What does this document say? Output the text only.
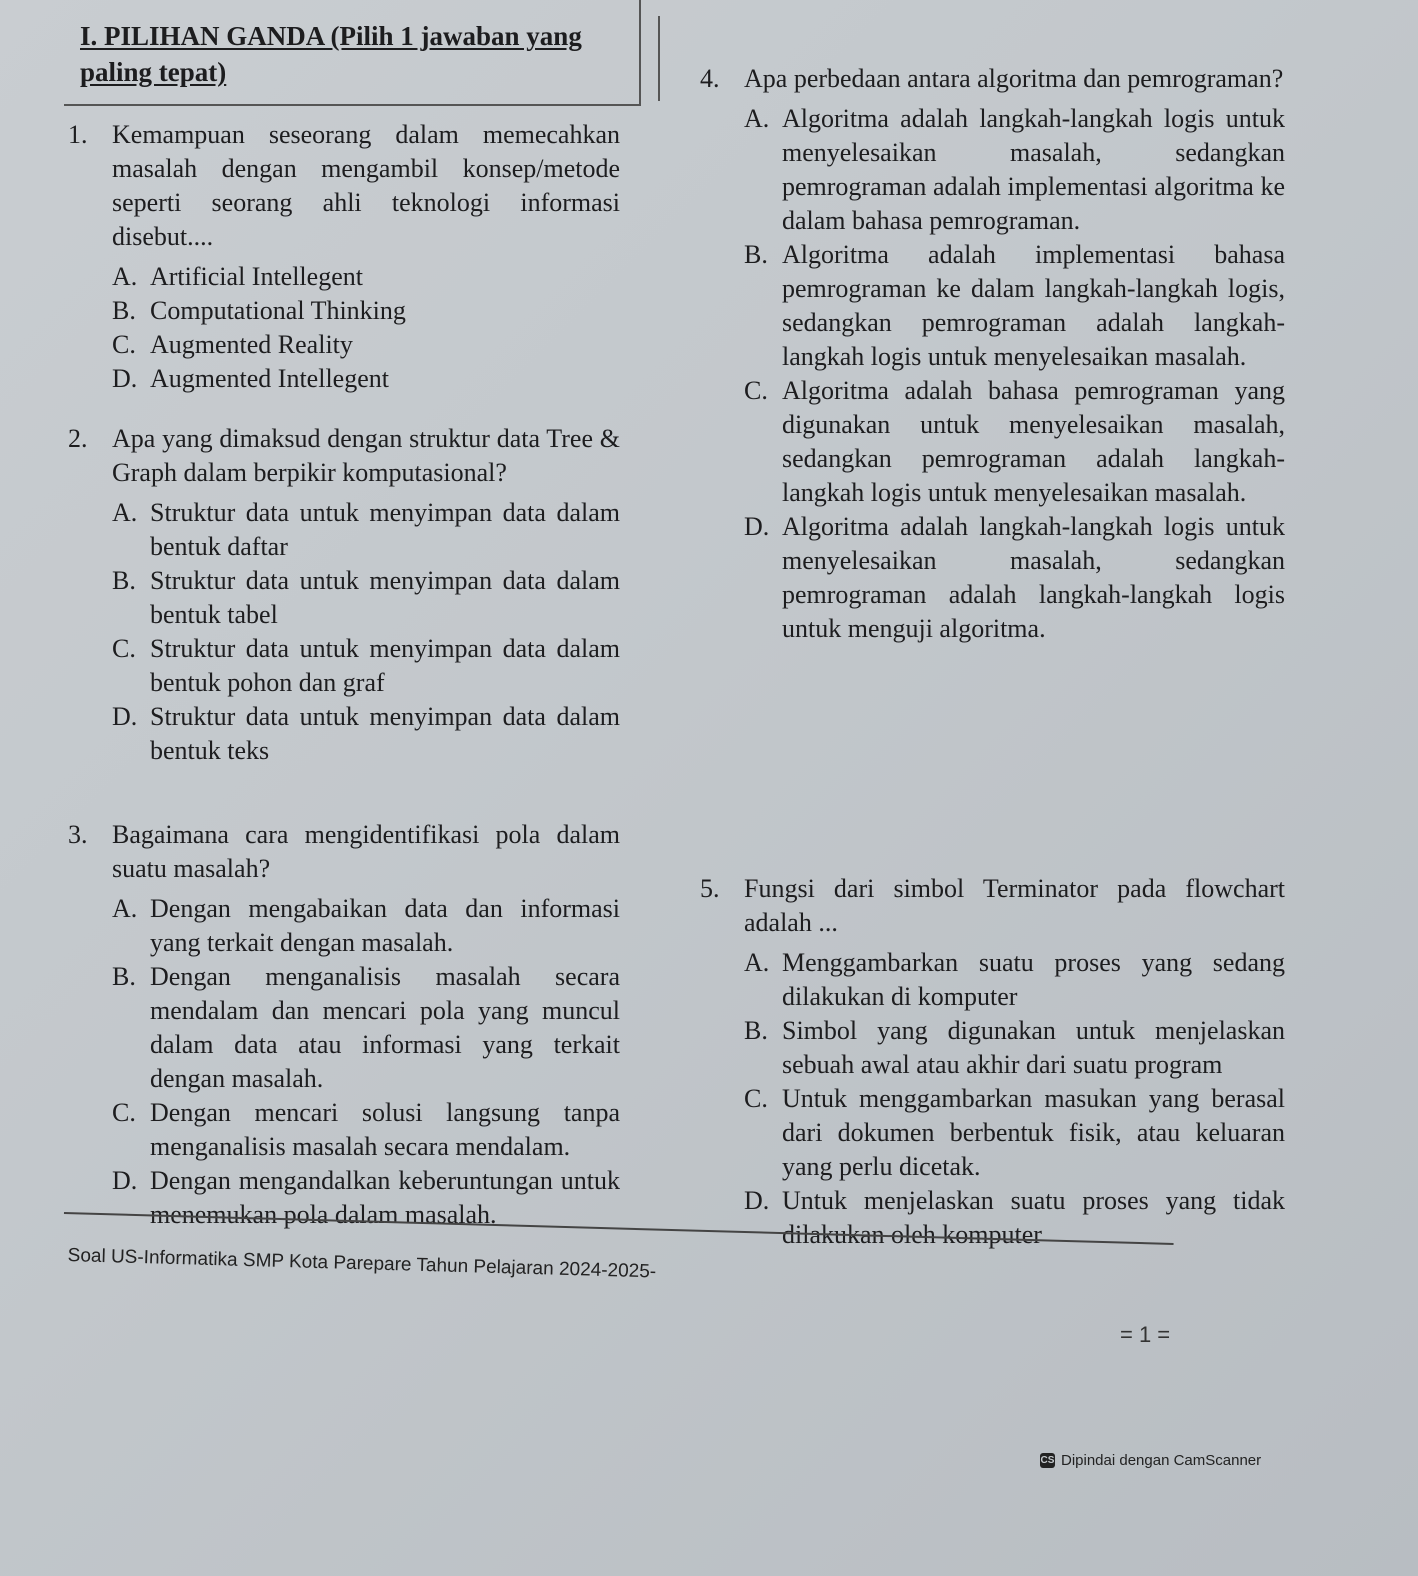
I. PILIHAN GANDA (Pilih 1 jawaban yang paling tepat)
1. Kemampuan seseorang dalam memecahkan masalah dengan mengambil konsep/metode seperti seorang ahli teknologi informasi disebut....
A. Artificial Intellegent
B. Computational Thinking
C. Augmented Reality
D. Augmented Intellegent
2. Apa yang dimaksud dengan struktur data Tree & Graph dalam berpikir komputasional?
A. Struktur data untuk menyimpan data dalam bentuk daftar
B. Struktur data untuk menyimpan data dalam bentuk tabel
C. Struktur data untuk menyimpan data dalam bentuk pohon dan graf
D. Struktur data untuk menyimpan data dalam bentuk teks
3. Bagaimana cara mengidentifikasi pola dalam suatu masalah?
A. Dengan mengabaikan data dan informasi yang terkait dengan masalah.
B. Dengan menganalisis masalah secara mendalam dan mencari pola yang muncul dalam data atau informasi yang terkait dengan masalah.
C. Dengan mencari solusi langsung tanpa menganalisis masalah secara mendalam.
D. Dengan mengandalkan keberuntungan untuk menemukan pola dalam masalah.
4. Apa perbedaan antara algoritma dan pemrograman?
A. Algoritma adalah langkah-langkah logis untuk menyelesaikan masalah, sedangkan pemrograman adalah implementasi algoritma ke dalam bahasa pemrograman.
B. Algoritma adalah implementasi bahasa pemrograman ke dalam langkah-langkah logis, sedangkan pemrograman adalah langkah-langkah logis untuk menyelesaikan masalah.
C. Algoritma adalah bahasa pemrograman yang digunakan untuk menyelesaikan masalah, sedangkan pemrograman adalah langkah-langkah logis untuk menyelesaikan masalah.
D. Algoritma adalah langkah-langkah logis untuk menyelesaikan masalah, sedangkan pemrograman adalah langkah-langkah logis untuk menguji algoritma.
5. Fungsi dari simbol Terminator pada flowchart adalah ...
A. Menggambarkan suatu proses yang sedang dilakukan di komputer
B. Simbol yang digunakan untuk menjelaskan sebuah awal atau akhir dari suatu program
C. Untuk menggambarkan masukan yang berasal dari dokumen berbentuk fisik, atau keluaran yang perlu dicetak.
D. Untuk menjelaskan suatu proses yang tidak dilakukan oleh komputer
Soal US-Informatika SMP Kota Parepare Tahun Pelajaran 2024-2025-
= 1 =
CS Dipindai dengan CamScanner
